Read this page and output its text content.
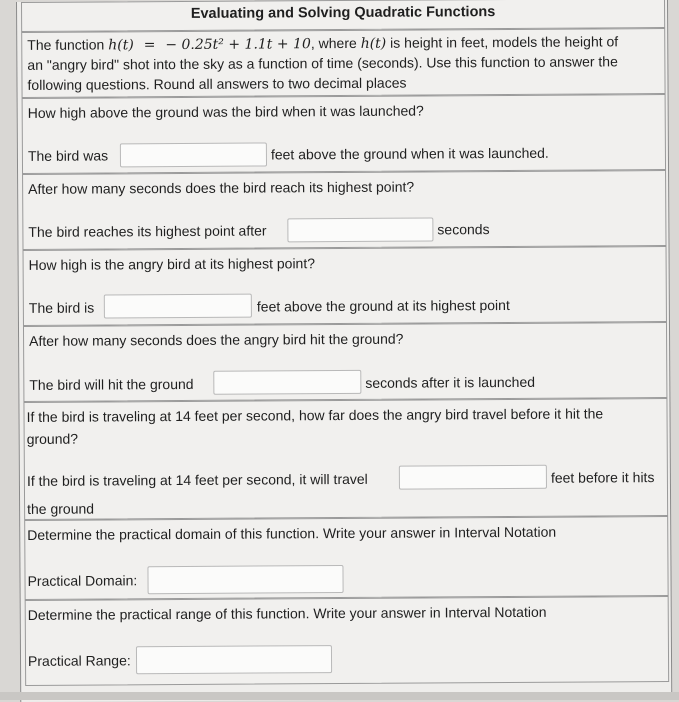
Evaluating and Solving Quadratic Functions
The function h(t) = − 0.25t² + 1.1t + 10, where h(t) is height in feet, models the height of
an "angry bird" shot into the sky as a function of time (seconds). Use this function to answer the
following questions. Round all answers to two decimal places
How high above the ground was the bird when it was launched?
The bird was	feet above the ground when it was launched.
After how many seconds does the bird reach its highest point?
The bird reaches its highest point after	seconds
How high is the angry bird at its highest point?
The bird is	feet above the ground at its highest point
After how many seconds does the angry bird hit the ground?
The bird will hit the ground	seconds after it is launched
If the bird is traveling at 14 feet per second, how far does the angry bird travel before it hit the
ground?
If the bird is traveling at 14 feet per second, it will travel	feet before it hits
the ground
Determine the practical domain of this function. Write your answer in Interval Notation
Practical Domain:
Determine the practical range of this function. Write your answer in Interval Notation
Practical Range:
